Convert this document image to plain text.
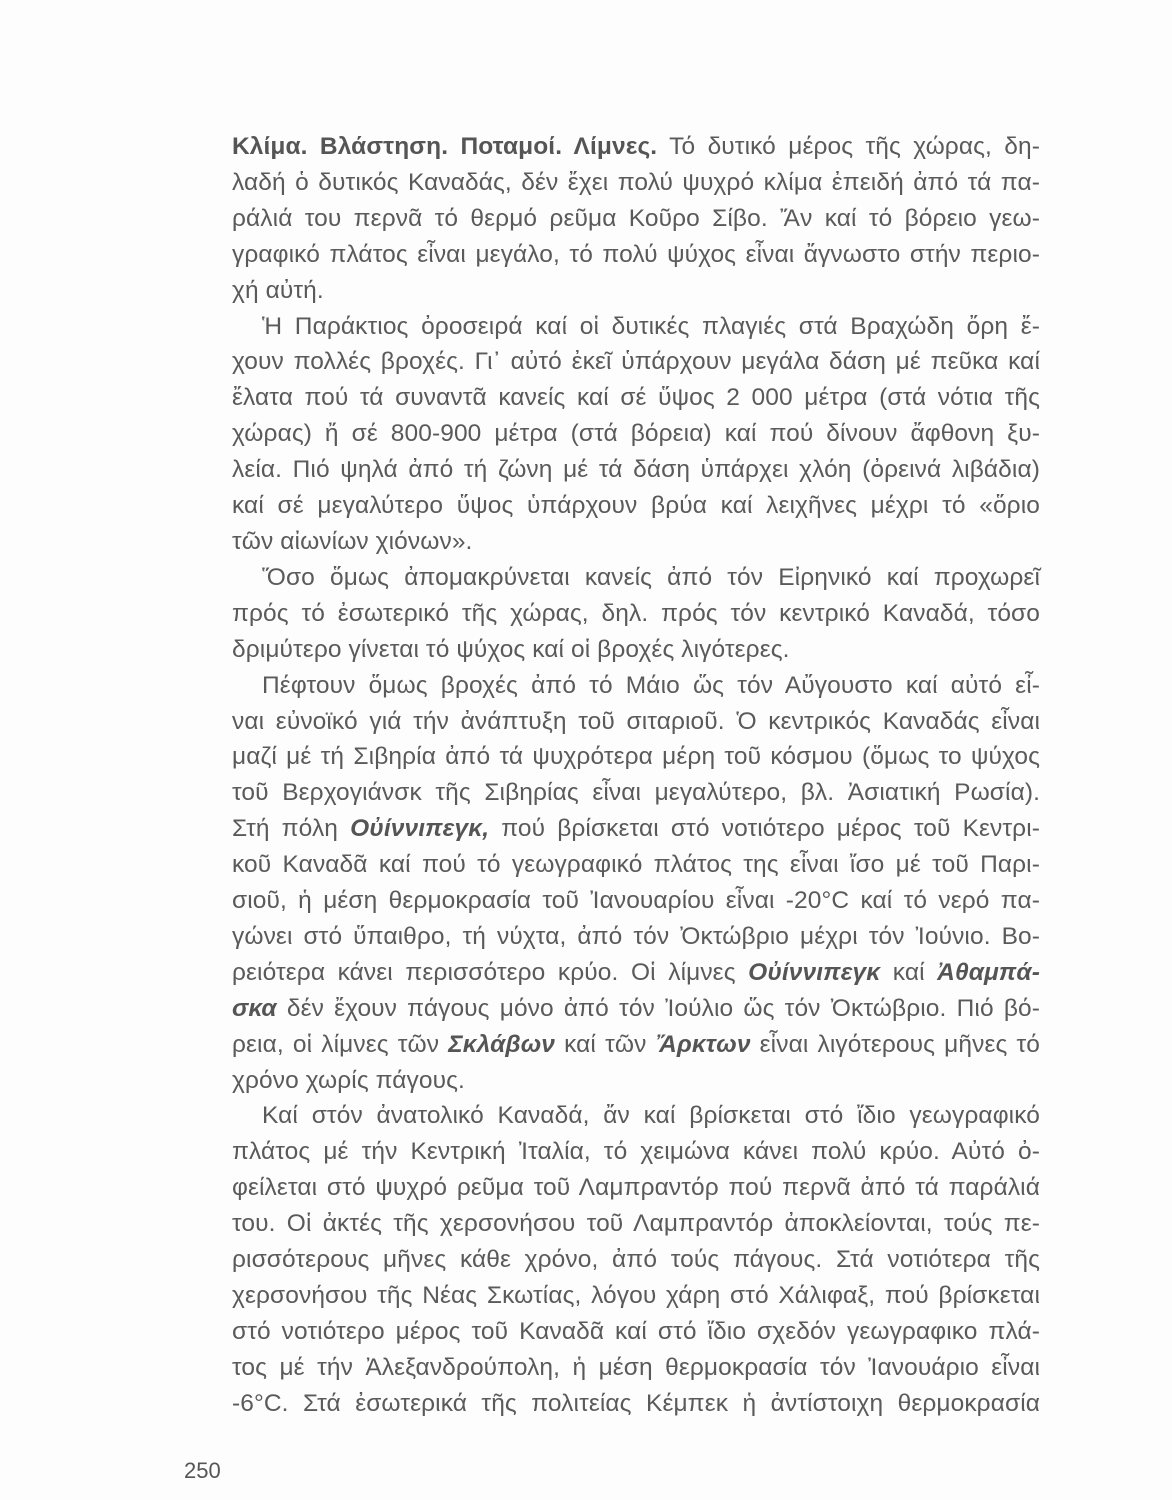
Κλίμα. Βλάστηση. Ποταμοί. Λίμνες. Τό δυτικό μέρος τῆς χώρας, δη-
λαδή ὁ δυτικός Καναδάς, δέν ἔχει πολύ ψυχρό κλίμα ἐπειδή ἀπό τά πα-
ράλιά του περνᾶ τό θερμό ρεῦμα Κοῦρο Σίβο. Ἄν καί τό βόρειο γεω-
γραφικό πλάτος εἶναι μεγάλο, τό πολύ ψύχος εἶναι ἄγνωστο στήν περιο-
χή αὐτή.
Ἡ Παράκτιος ὀροσειρά καί οἱ δυτικές πλαγιές στά Βραχώδη ὄρη ἔ-
χουν πολλές βροχές. Γι᾽ αὐτό ἐκεῖ ὑπάρχουν μεγάλα δάση μέ πεῦκα καί
ἔλατα πού τά συναντᾶ κανείς καί σέ ὕψος 2 000 μέτρα (στά νότια τῆς
χώρας) ἤ σέ 800-900 μέτρα (στά βόρεια) καί πού δίνουν ἄφθονη ξυ-
λεία. Πιό ψηλά ἀπό τή ζώνη μέ τά δάση ὑπάρχει χλόη (ὀρεινά λιβάδια)
καί σέ μεγαλύτερο ὕψος ὑπάρχουν βρύα καί λειχῆνες μέχρι τό «ὅριο
τῶν αἰωνίων χιόνων».
Ὅσο ὅμως ἀπομακρύνεται κανείς ἀπό τόν Εἰρηνικό καί προχωρεῖ
πρός τό ἐσωτερικό τῆς χώρας, δηλ. πρός τόν κεντρικό Καναδά, τόσο
δριμύτερο γίνεται τό ψύχος καί οἱ βροχές λιγότερες.
Πέφτουν ὅμως βροχές ἀπό τό Μάιο ὥς τόν Αὔγουστο καί αὐτό εἶ-
ναι εὐνοϊκό γιά τήν ἀνάπτυξη τοῦ σιταριοῦ. Ὁ κεντρικός Καναδάς εἶναι
μαζί μέ τή Σιβηρία ἀπό τά ψυχρότερα μέρη τοῦ κόσμου (ὅμως το ψύχος
τοῦ Βερχογιάνσκ τῆς Σιβηρίας εἶναι μεγαλύτερο, βλ. Ἀσιατική Ρωσία).
Στή πόλη Οὐίννιπεγκ, πού βρίσκεται στό νοτιότερο μέρος τοῦ Κεντρι-
κοῦ Καναδᾶ καί πού τό γεωγραφικό πλάτος της εἶναι ἴσο μέ τοῦ Παρι-
σιοῦ, ἡ μέση θερμοκρασία τοῦ Ἰανουαρίου εἶναι -20°C καί τό νερό πα-
γώνει στό ὕπαιθρο, τή νύχτα, ἀπό τόν Ὀκτώβριο μέχρι τόν Ἰούνιο. Βο-
ρειότερα κάνει περισσότερο κρύο. Οἱ λίμνες Οὐίννιπεγκ καί Ἀθαμπά-
σκα δέν ἔχουν πάγους μόνο ἀπό τόν Ἰούλιο ὥς τόν Ὀκτώβριο. Πιό βό-
ρεια, οἱ λίμνες τῶν Σκλάβων καί τῶν Ἄρκτων εἶναι λιγότερους μῆνες τό
χρόνο χωρίς πάγους.
Καί στόν ἀνατολικό Καναδά, ἄν καί βρίσκεται στό ἴδιο γεωγραφικό
πλάτος μέ τήν Κεντρική Ἰταλία, τό χειμώνα κάνει πολύ κρύο. Αὐτό ὀ-
φείλεται στό ψυχρό ρεῦμα τοῦ Λαμπραντόρ πού περνᾶ ἀπό τά παράλιά
του. Οἱ ἀκτές τῆς χερσονήσου τοῦ Λαμπραντόρ ἀποκλείονται, τούς πε-
ρισσότερους μῆνες κάθε χρόνο, ἀπό τούς πάγους. Στά νοτιότερα τῆς
χερσονήσου τῆς Νέας Σκωτίας, λόγου χάρη στό Χάλιφαξ, πού βρίσκεται
στό νοτιότερο μέρος τοῦ Καναδᾶ καί στό ἴδιο σχεδόν γεωγραφικο πλά-
τος μέ τήν Ἀλεξανδρούπολη, ἡ μέση θερμοκρασία τόν Ἰανουάριο εἶναι
-6°C. Στά ἐσωτερικά τῆς πολιτείας Κέμπεκ ἡ ἀντίστοιχη θερμοκρασία
250
